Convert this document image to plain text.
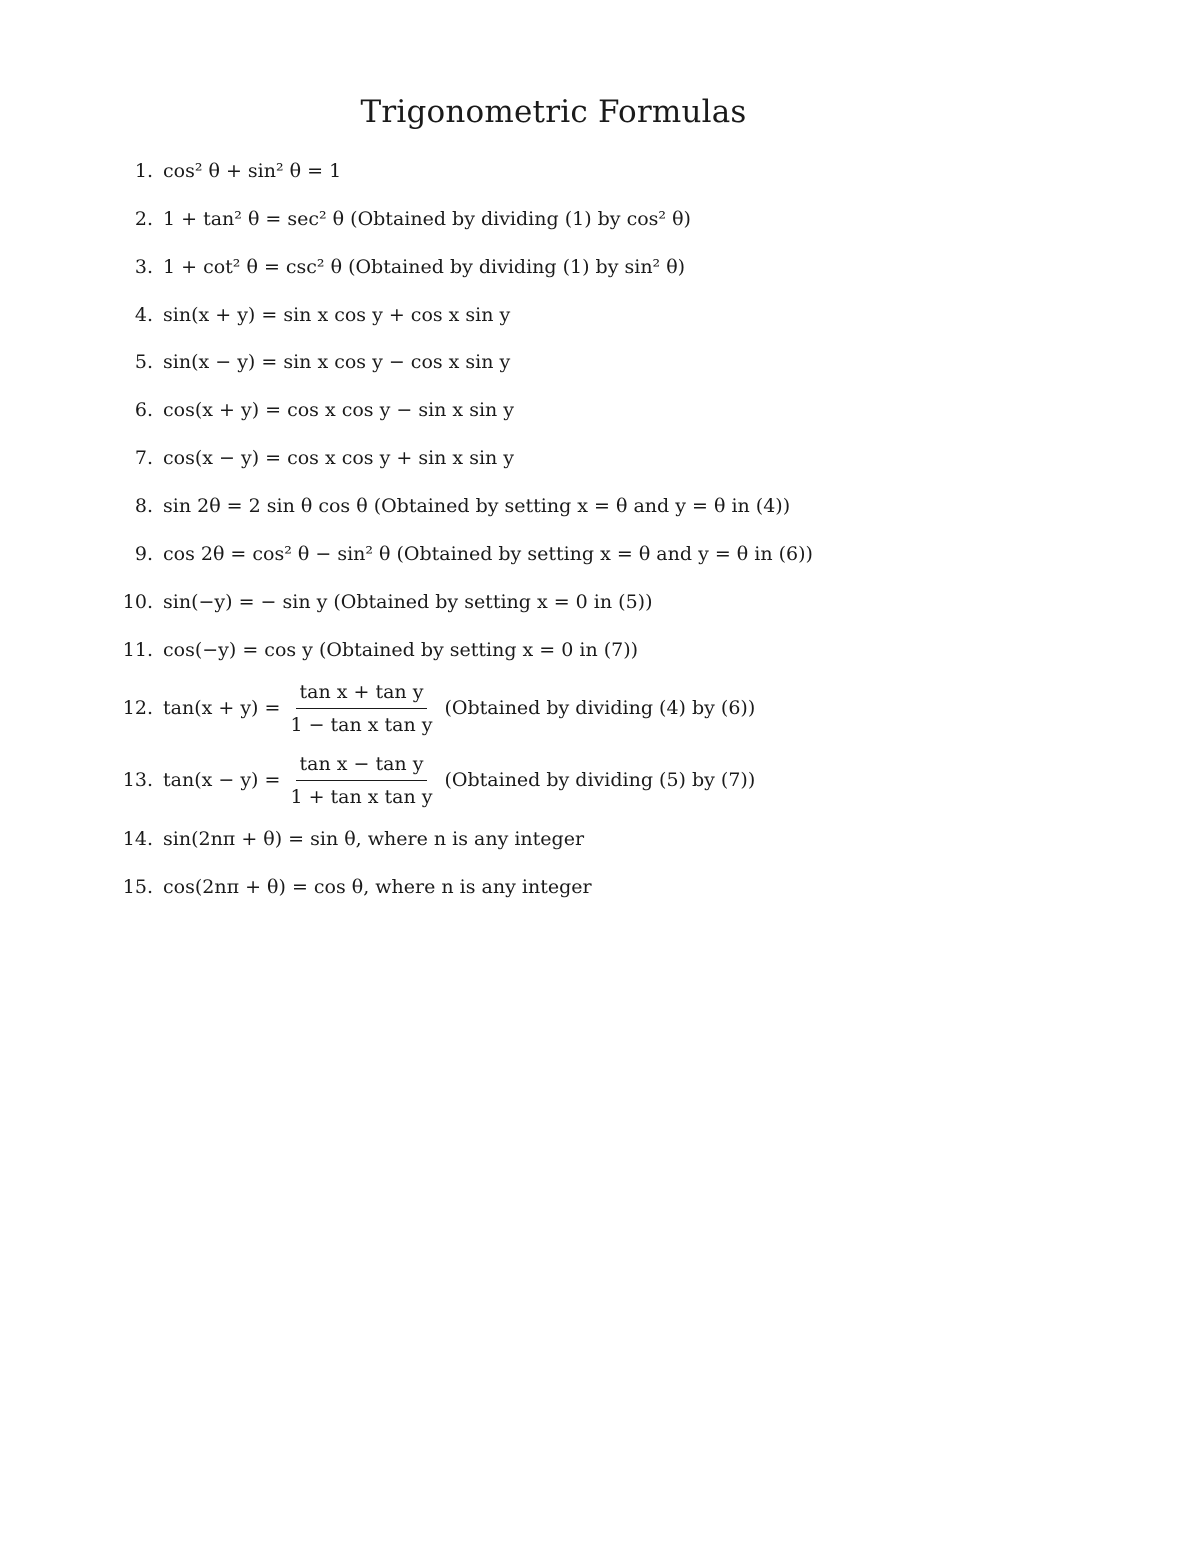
Trigonometric Formulas
1. cos² θ + sin² θ = 1
2. 1 + tan² θ = sec² θ (Obtained by dividing (1) by cos² θ)
3. 1 + cot² θ = csc² θ (Obtained by dividing (1) by sin² θ)
4. sin(x + y) = sin x cos y + cos x sin y
5. sin(x − y) = sin x cos y − cos x sin y
6. cos(x + y) = cos x cos y − sin x sin y
7. cos(x − y) = cos x cos y + sin x sin y
8. sin 2θ = 2 sin θ cos θ (Obtained by setting x = θ and y = θ in (4))
9. cos 2θ = cos² θ − sin² θ (Obtained by setting x = θ and y = θ in (6))
10. sin(−y) = − sin y (Obtained by setting x = 0 in (5))
11. cos(−y) = cos y (Obtained by setting x = 0 in (7))
12. $\tan(x + y) = \frac{\text{tan x + tan y}}{\text{1 − tan x tan y}}$ (Obtained by dividing (4) by (6))
13. $\tan(x - y) = \frac{\text{tan x − tan y}}{\text{1 + tan x tan y}}$ (Obtained by dividing (5) by (7))
14. sin(2nπ + θ) = sin θ, where n is any integer
15. cos(2nπ + θ) = cos θ, where n is any integer
